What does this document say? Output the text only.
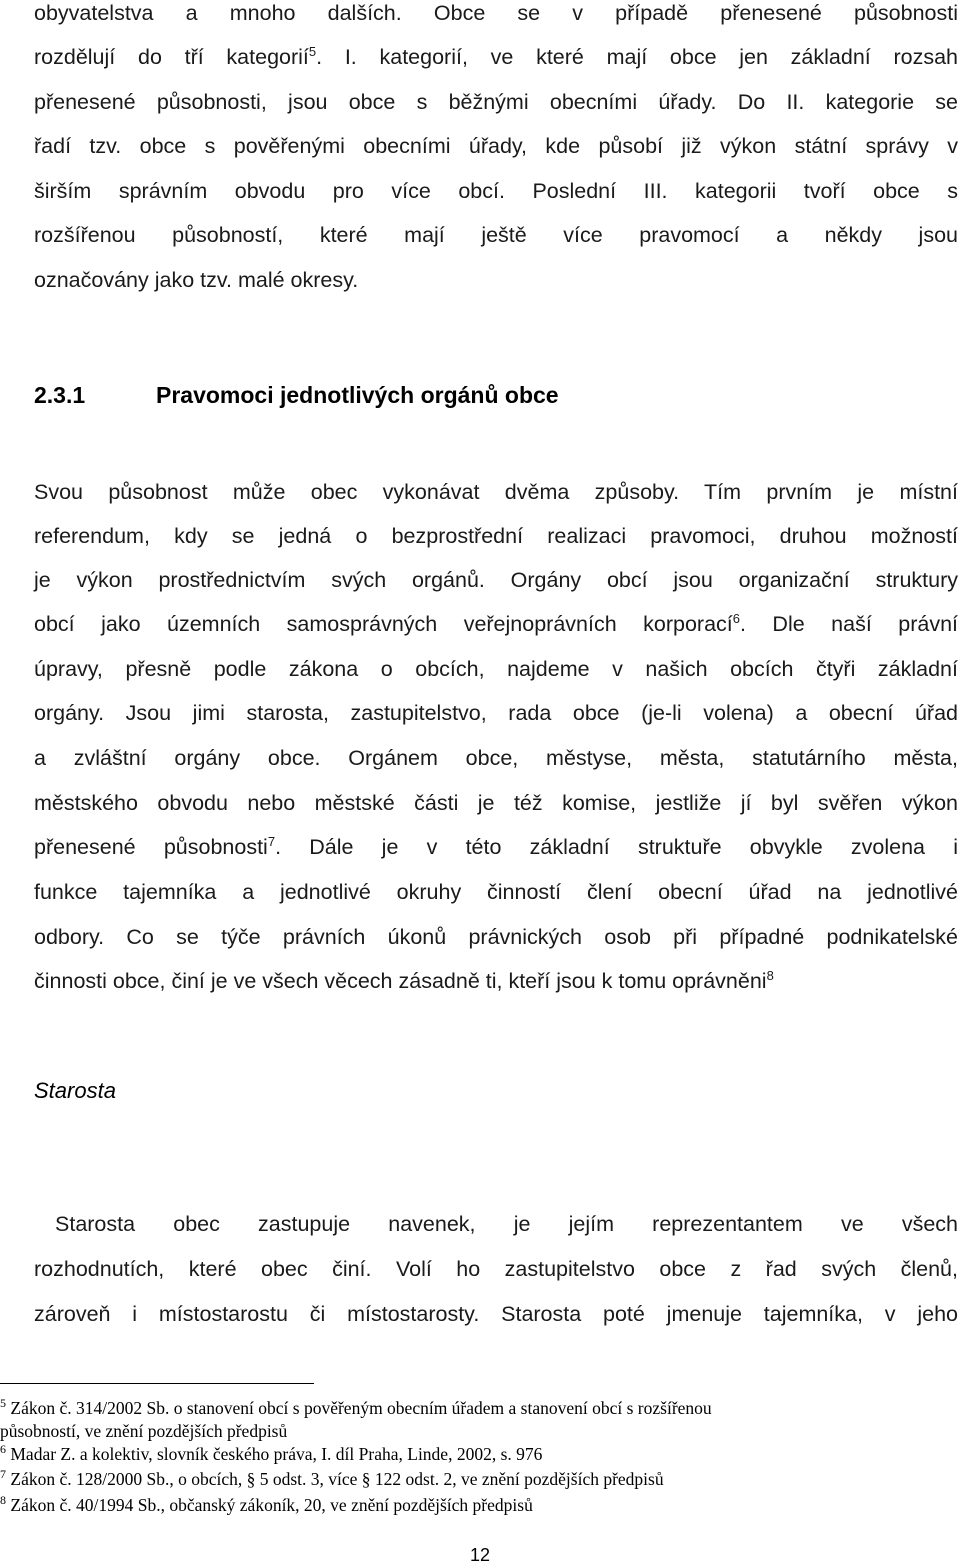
obyvatelstva a mnoho dalších. Obce se v případě přenesené působnosti
rozdělují do tří kategorií$^5$. I. kategorií, ve které mají obce jen základní rozsah
přenesené působnosti, jsou obce s běžnými obecními úřady. Do II. kategorie se
řadí tzv. obce s pověřenými obecními úřady, kde působí již výkon státní správy v
širším správním obvodu pro více obcí. Poslední III. kategorii tvoří obce s
rozšířenou působností, které mají ještě více pravomocí a někdy jsou
označovány jako tzv. malé okresy.
2.3.1	Pravomoci jednotlivých orgánů obce
Svou působnost může obec vykonávat dvěma způsoby. Tím prvním je místní
referendum, kdy se jedná o bezprostřední realizaci pravomoci, druhou možností
je výkon prostřednictvím svých orgánů. Orgány obcí jsou organizační struktury
obcí jako územních samosprávných veřejnoprávních korporací$^6$. Dle naší právní
úpravy, přesně podle zákona o obcích, najdeme v našich obcích čtyři základní
orgány. Jsou jimi starosta, zastupitelstvo, rada obce (je-li volena) a obecní úřad
a zvláštní orgány obce. Orgánem obce, městyse, města, statutárního města,
městského obvodu nebo městské části je též komise, jestliže jí byl svěřen výkon
přenesené působnosti$^7$. Dále je v této základní struktuře obvykle zvolena i
funkce tajemníka a jednotlivé okruhy činností člení obecní úřad na jednotlivé
odbory. Co se týče právních úkonů právnických osob při případné podnikatelské
činnosti obce, činí je ve všech věcech zásadně ti, kteří jsou k tomu oprávněni$^8$
Starosta
Starosta obec zastupuje navenek, je jejím reprezentantem ve všech
rozhodnutích, které obec činí. Volí ho zastupitelstvo obce z řad svých členů,
zároveň i místostarostu či místostarosty. Starosta poté jmenuje tajemníka, v jeho
$^5$ Zákon č. 314/2002 Sb. o stanovení obcí s pověřeným obecním úřadem a stanovení obcí s rozšířenou
působností, ve znění pozdějších předpisů
$^6$ Madar Z. a kolektiv, slovník českého práva, I. díl Praha, Linde, 2002, s. 976
$^7$ Zákon č. 128/2000 Sb., o obcích, § 5 odst. 3, více § 122 odst. 2, ve znění pozdějších předpisů
$^8$ Zákon č. 40/1994 Sb., občanský zákoník, 20, ve znění pozdějších předpisů
12
